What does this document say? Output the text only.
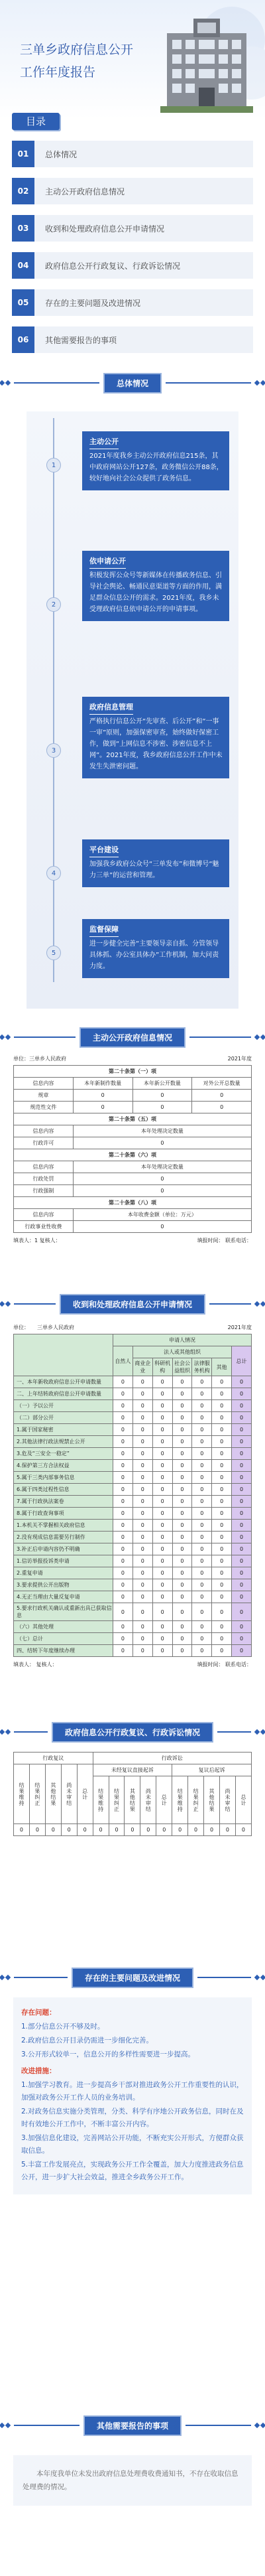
三单乡政府信息公开
工作年度报告
目录
01	总体情况
02	主动公开政府信息情况
03	收到和处理政府信息公开申请情况
04	政府信息公开行政复议、行政诉讼情况
05	存在的主要问题及改进情况
06	其他需要报告的事项
总体情况
1
主动公开
2021年度我乡主动公开政府信息215条，其中政府网站公开127条，政务微信公开88条，较好地向社会公众提供了政务信息。
2
依申请公开
积极发挥公众号等新媒体在传播政务信息、引导社会舆论、畅通民意渠道等方面的作用，满足群众信息公开的需求。2021年度，我乡未受理政府信息依申请公开的申请事项。
3
政府信息管理
严格执行信息公开“先审查、后公开”和“一事一审”原则，加强保密审查，始终做好保密工作，做到“上网信息不涉密、涉密信息不上网”。2021年度，我乡政府信息公开工作中未发生失泄密问题。
4
平台建设
加强我乡政府公众号“三单发布”和微博号“魅力三单”的运营和管理。
5
监督保障
进一步健全完善“主要领导亲自抓、分管领导具体抓、办公室具体办”工作机制，加大问责力度。
主动公开政府信息情况
单位：三单乡人民政府	2021年度
第二十条第（一）项			
信息内容	本年新制作数量	本年新公开数量	对外公开总数量
规章	0	0	0
规范性文件	0	0	0
第二十条第（五）项			
信息内容	本年处理决定数量		
行政许可	0		
第二十条第（六）项			
信息内容	本年处理决定数量		
行政处罚	0		
行政强制	0		
第二十条第（八）项			
信息内容	本年收费金额（单位：万元）		
行政事业性收费	0		
填表人：1 复核人：	填报时间： 联系电话：
收到和处理政府信息公开申请情况
单位：　　三单乡人民政府	2021年度
	申请人情况						
	自然人	法人或其他组织					总计
		商业企业	科研机构	社会公益组织	法律服务机构	其他	
一、本年新收政府信息公开申请数量	0	0	0	0	0	0	0
二、上年结转政府信息公开申请数量	0	0	0	0	0	0	0
（一）予以公开	0	0	0	0	0	0	0
（二）部分公开	0	0	0	0	0	0	0
1.属于国家秘密	0	0	0	0	0	0	0
2.其他法律行政法规禁止公开	0	0	0	0	0	0	0
3.危及“三安全一稳定”	0	0	0	0	0	0	0
4.保护第三方合法权益	0	0	0	0	0	0	0
5.属于三类内部事务信息	0	0	0	0	0	0	0
6.属于四类过程性信息	0	0	0	0	0	0	0
7.属于行政执法案卷	0	0	0	0	0	0	0
8.属于行政查询事项	0	0	0	0	0	0	0
1.本机关不掌握相关政府信息	0	0	0	0	0	0	0
2.没有现成信息需要另行制作	0	0	0	0	0	0	0
3.补正后申请内容仍不明确	0	0	0	0	0	0	0
1.信访举报投诉类申请	0	0	0	0	0	0	0
2.重复申请	0	0	0	0	0	0	0
3.要求提供公开出版物	0	0	0	0	0	0	0
4.无正当理由大量反复申请	0	0	0	0	0	0	0
5.要求行政机关确认或重新出具已获取信息	0	0	0	0	0	0	0
（六）其他处理	0	0	0	0	0	0	0
（七）总计	0	0	0	0	0	0	0
四、结转下年度继续办理	0	0	0	0	0	0	0
填表人： 复核人：	填报时间： 联系电话：
政府信息公开行政复议、行政诉讼情况
行政复议					行政诉讼									
结果维持	结果纠正	其他结果	尚未审结	总计	未经复议直接起诉					复议后起诉				
					结果维持	结果纠正	其他结果	尚未审结	总计	结果维持	结果纠正	其他结果	尚未审结	总计
0	0	0	0	0	0	0	0	0	0	0	0	0	0	0
存在的主要问题及改进情况

存在问题：

1.部分信息公开不够及时。

2.政府信息公开目录仍需进一步细化完善。

3.公开形式较单一，信息公开的多样性需要进一步提高。

改进措施：

1.加强学习教育。进一步提高乡干部对推进政务公开工作重要性的认识，加强对政务公开工作人员的业务培训。

2.对政务信息实施分类管理，分类、科学有序地公开政务信息，同时在及时有效地公开工作中，不断丰富公开内容。

3.加强信息化建设，完善网站公开功能，不断充实公开形式，方便群众获取信息。

5.丰富工作发展亮点，实现政务公开工作全覆盖，加大力度推进政务信息公开，进一步扩大社会效益，推进全乡政务公开工作。

其他需要报告的事项
本年度我单位未发出政府信息处理费收费通知书，不存在收取信息处理费的情况。
